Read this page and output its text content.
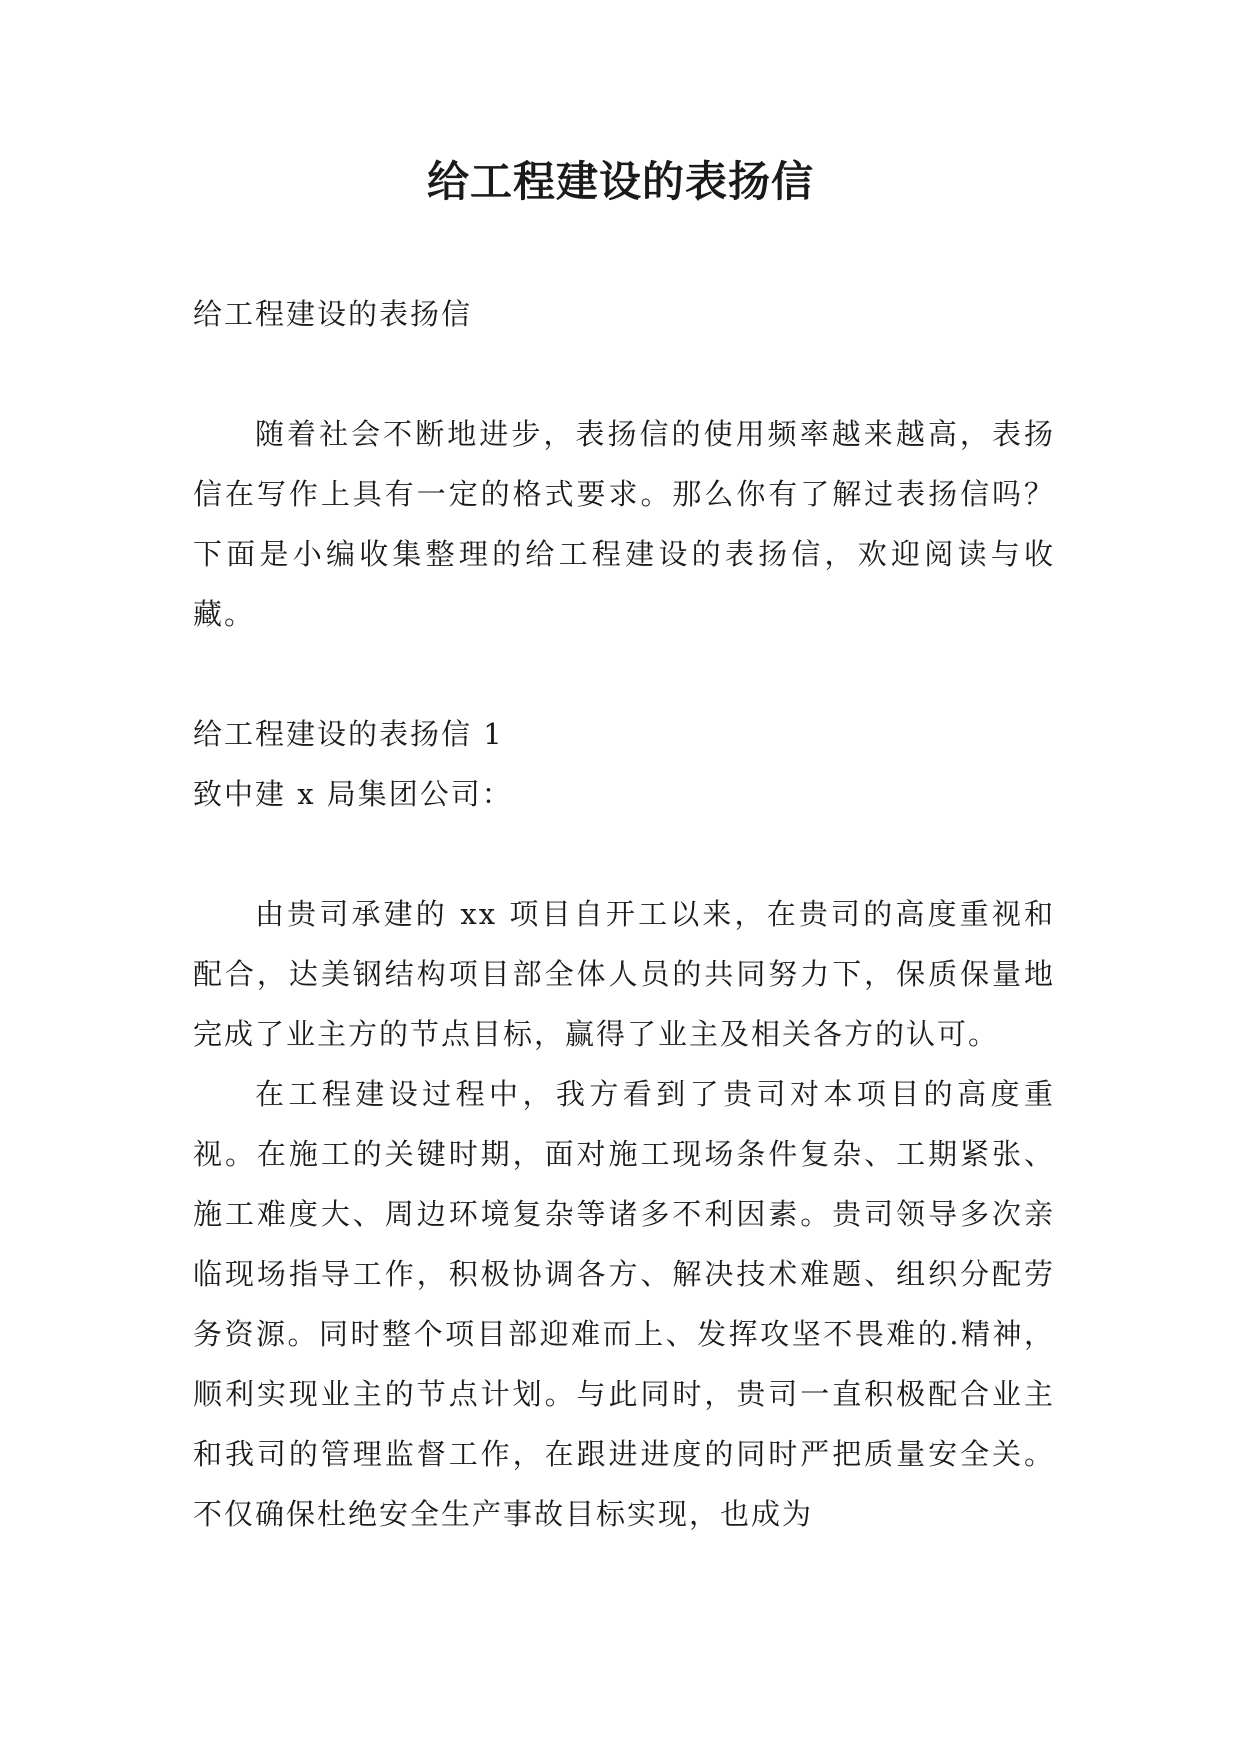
给工程建设的表扬信

给工程建设的表扬信

随着社会不断地进步，表扬信的使用频率越来越高，表扬信在写作上具有一定的格式要求。那么你有了解过表扬信吗？下面是小编收集整理的给工程建设的表扬信，欢迎阅读与收藏。

给工程建设的表扬信 1

致中建 x 局集团公司：

由贵司承建的 xx 项目自开工以来，在贵司的高度重视和配合，达美钢结构项目部全体人员的共同努力下，保质保量地完成了业主方的节点目标，赢得了业主及相关各方的认可。

在工程建设过程中，我方看到了贵司对本项目的高度重视。在施工的关键时期，面对施工现场条件复杂、工期紧张、施工难度大、周边环境复杂等诸多不利因素。贵司领导多次亲临现场指导工作，积极协调各方、解决技术难题、组织分配劳务资源。同时整个项目部迎难而上、发挥攻坚不畏难的.精神，顺利实现业主的节点计划。与此同时，贵司一直积极配合业主和我司的管理监督工作，在跟进进度的同时严把质量安全关。不仅确保杜绝安全生产事故目标实现，也成为
